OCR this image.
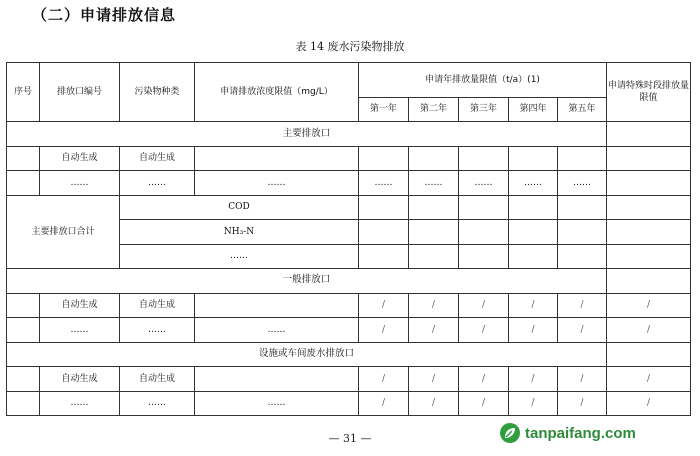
（二）申请排放信息
表 14 废水污染物排放
序号	排放口编号	污染物种类	申请排放浓度限值（mg/L）	申请年排放量限值（t/a）(1)					申请特殊时段排放量限值
				第一年	第二年	第三年	第四年	第五年	
主要排放口									
	自动生成	自动生成							
	……	……	……	……	……	……	……	……	
主要排放口合计		COD							
		NH₃-N							
		……							
一般排放口									
	自动生成	自动生成		/	/	/	/	/	/
	……	……	……	/	/	/	/	/	/
设施或车间废水排放口									
	自动生成	自动生成		/	/	/	/	/	/
	……	……	……	/	/	/	/	/	/
— 31 —	tanpaifang.com
